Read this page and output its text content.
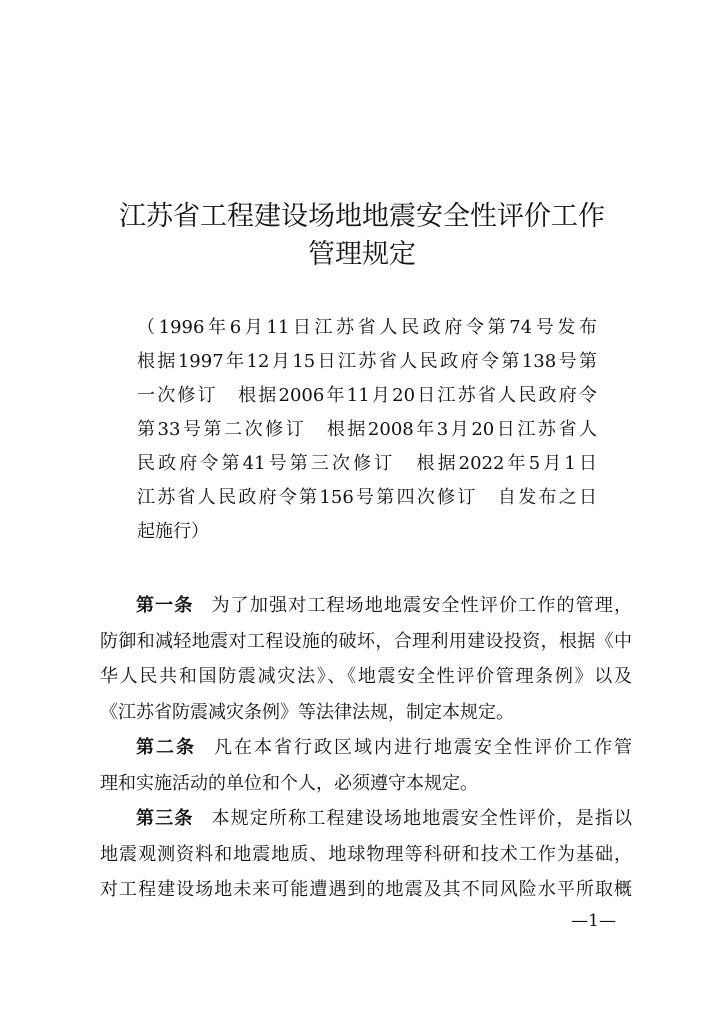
江苏省工程建设场地地震安全性评价工作
管理规定
（1996年6月11日江苏省人民政府令第74号发布
根据1997年12月15日江苏省人民政府令第138号第
一次修订　根据2006年11月20日江苏省人民政府令
第33号第二次修订　根据2008年3月20日江苏省人
民政府令第41号第三次修订　根据2022年5月1日
江苏省人民政府令第156号第四次修订　自发布之日
起施行）
第一条 为了加强对工程场地地震安全性评价工作的管理，
防御和减轻地震对工程设施的破坏，合理利用建设投资，根据《中
华人民共和国防震减灾法》、《地震安全性评价管理条例》以及
《江苏省防震减灾条例》等法律法规，制定本规定。
第二条 凡在本省行政区域内进行地震安全性评价工作管
理和实施活动的单位和个人，必须遵守本规定。
第三条 本规定所称工程建设场地地震安全性评价，是指以
地震观测资料和地震地质、地球物理等科研和技术工作为基础，
对工程建设场地未来可能遭遇到的地震及其不同风险水平所取概
—1—
